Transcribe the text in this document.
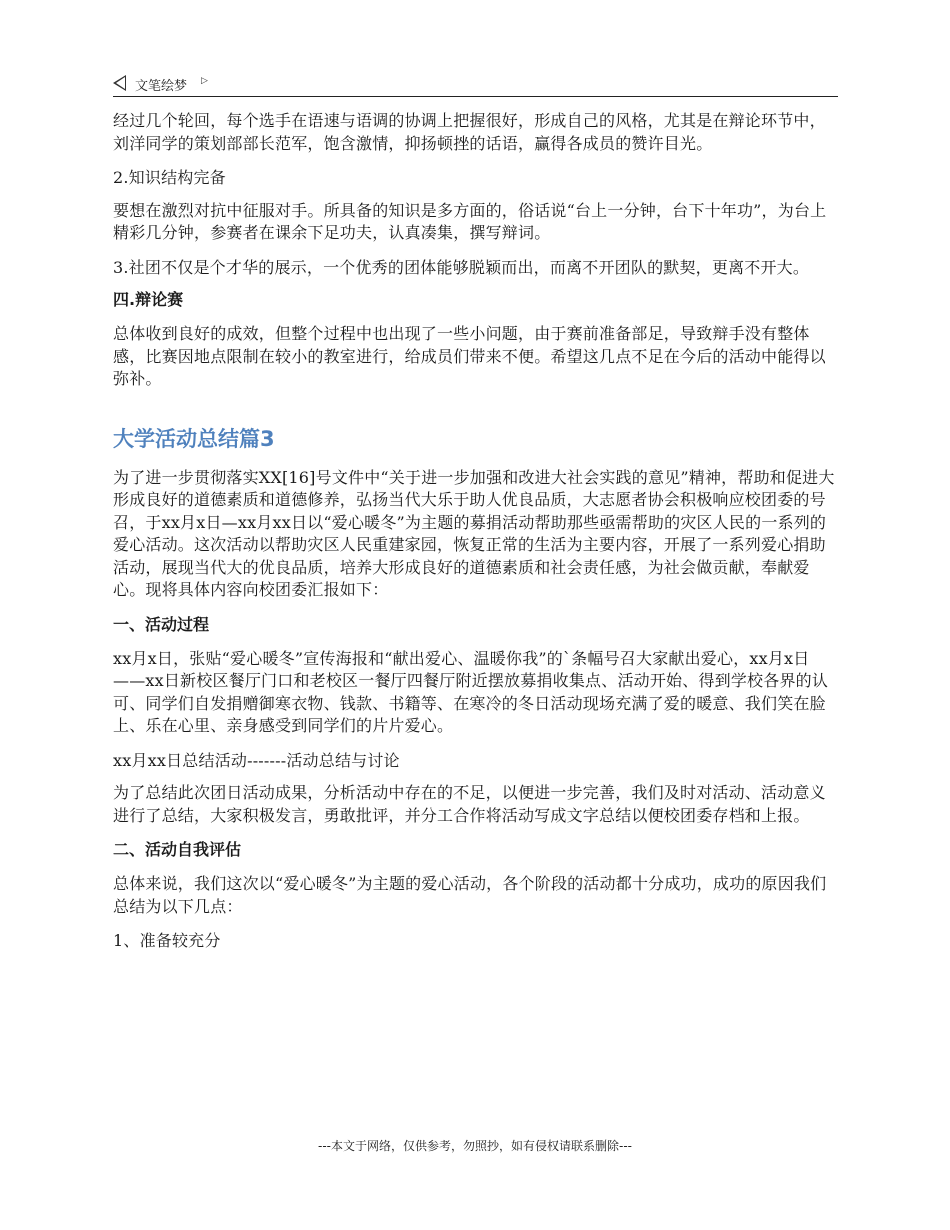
文笔绘梦 ▷

经过几个轮回，每个选手在语速与语调的协调上把握很好，形成自己的风格，尤其是在辩论环节中，刘洋同学的策划部部长范军，饱含激情，抑扬顿挫的话语，赢得各成员的赞许目光。

2.知识结构完备

要想在激烈对抗中征服对手。所具备的知识是多方面的，俗话说“台上一分钟，台下十年功”，为台上精彩几分钟，参赛者在课余下足功夫，认真凑集，撰写辩词。

3.社团不仅是个才华的展示，一个优秀的团体能够脱颖而出，而离不开团队的默契，更离不开大。

四.辩论赛

总体收到良好的成效，但整个过程中也出现了一些小问题，由于赛前准备部足，导致辩手没有整体感，比赛因地点限制在较小的教室进行，给成员们带来不便。希望这几点不足在今后的活动中能得以弥补。

大学活动总结篇3

为了进一步贯彻落实XX[16]号文件中“关于进一步加强和改进大社会实践的意见”精神，帮助和促进大形成良好的道德素质和道德修养，弘扬当代大乐于助人优良品质，大志愿者协会积极响应校团委的号召，于xx月x日—xx月xx日以“爱心暖冬”为主题的募捐活动帮助那些亟需帮助的灾区人民的一系列的爱心活动。这次活动以帮助灾区人民重建家园，恢复正常的生活为主要内容，开展了一系列爱心捐助活动，展现当代大的优良品质，培养大形成良好的道德素质和社会责任感，为社会做贡献，奉献爱心。现将具体内容向校团委汇报如下：

一、活动过程

xx月x日，张贴“爱心暖冬”宣传海报和“献出爱心、温暖你我”的`条幅号召大家献出爱心，xx月x日——xx日新校区餐厅门口和老校区一餐厅四餐厅附近摆放募捐收集点、活动开始、得到学校各界的认可、同学们自发捐赠御寒衣物、钱款、书籍等、在寒冷的冬日活动现场充满了爱的暖意、我们笑在脸上、乐在心里、亲身感受到同学们的片片爱心。

xx月xx日总结活动-------活动总结与讨论

为了总结此次团日活动成果，分析活动中存在的不足，以便进一步完善，我们及时对活动、活动意义进行了总结，大家积极发言，勇敢批评，并分工合作将活动写成文字总结以便校团委存档和上报。

二、活动自我评估

总体来说，我们这次以“爱心暖冬”为主题的爱心活动，各个阶段的活动都十分成功，成功的原因我们总结为以下几点：

1、准备较充分

---本文于网络，仅供参考，勿照抄，如有侵权请联系删除---
